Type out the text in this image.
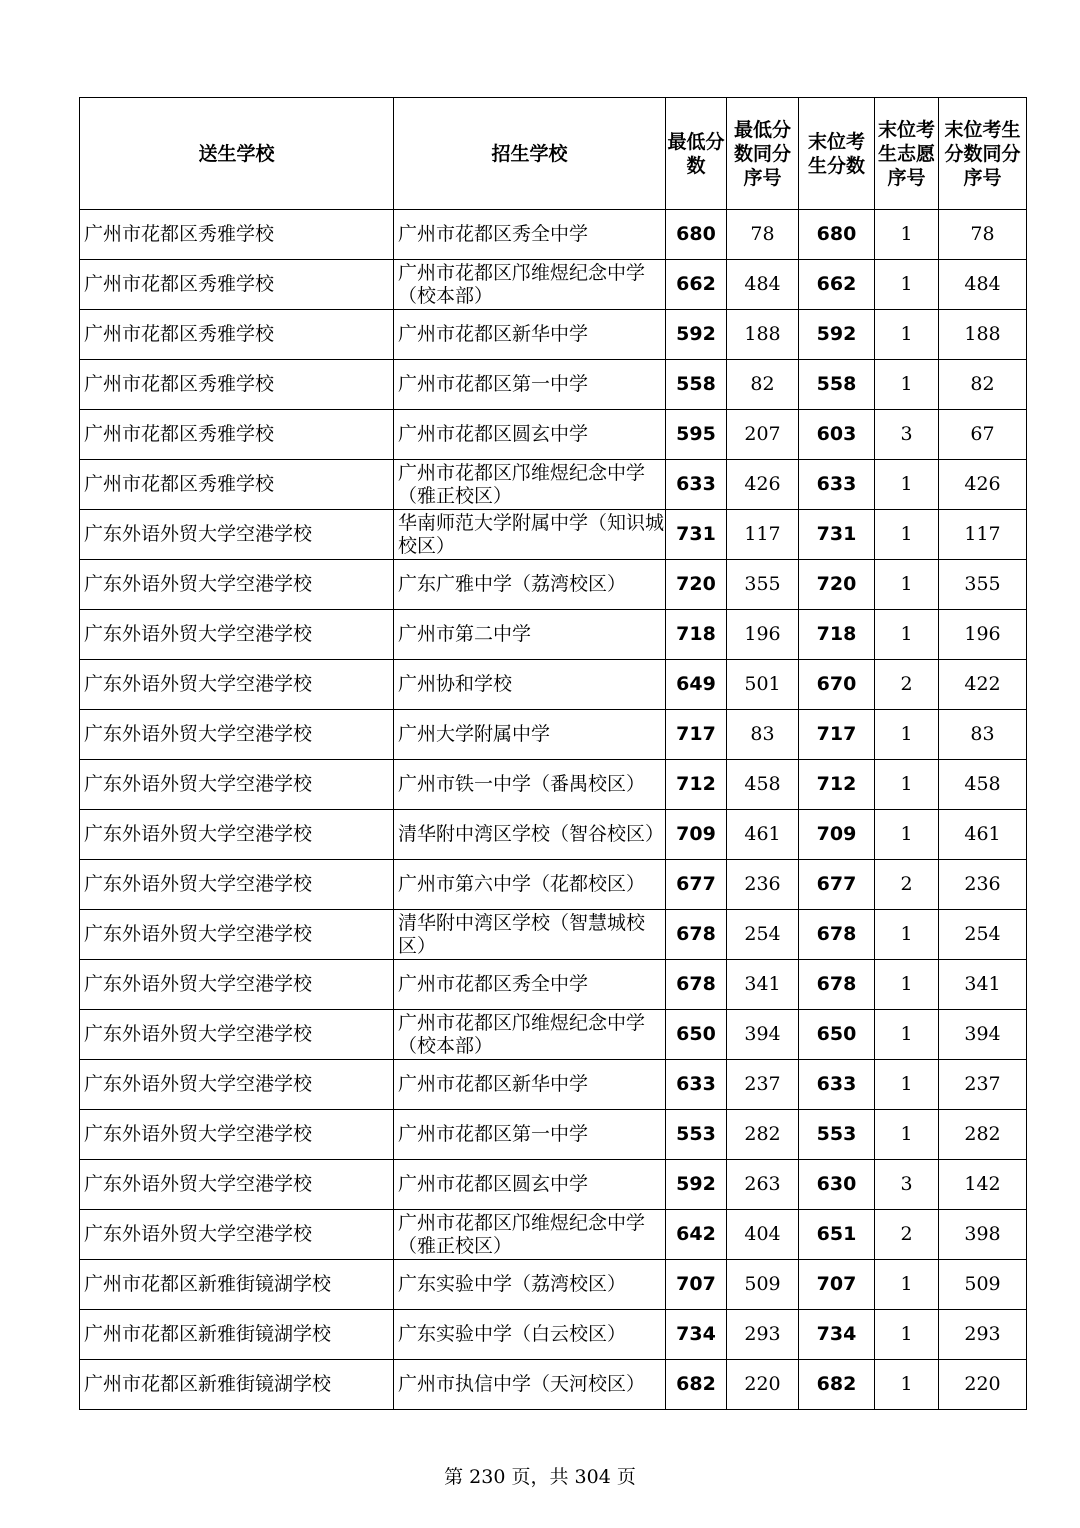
送生学校	招生学校	最低分数	最低分数同分序号	末位考生分数	末位考生志愿序号	末位考生分数同分序号
广州市花都区秀雅学校	广州市花都区秀全中学	680	78	680	1	78
广州市花都区秀雅学校	广州市花都区邝维煜纪念中学（校本部）	662	484	662	1	484
广州市花都区秀雅学校	广州市花都区新华中学	592	188	592	1	188
广州市花都区秀雅学校	广州市花都区第一中学	558	82	558	1	82
广州市花都区秀雅学校	广州市花都区圆玄中学	595	207	603	3	67
广州市花都区秀雅学校	广州市花都区邝维煜纪念中学（雅正校区）	633	426	633	1	426
广东外语外贸大学空港学校	华南师范大学附属中学（知识城校区）	731	117	731	1	117
广东外语外贸大学空港学校	广东广雅中学（荔湾校区）	720	355	720	1	355
广东外语外贸大学空港学校	广州市第二中学	718	196	718	1	196
广东外语外贸大学空港学校	广州协和学校	649	501	670	2	422
广东外语外贸大学空港学校	广州大学附属中学	717	83	717	1	83
广东外语外贸大学空港学校	广州市铁一中学（番禺校区）	712	458	712	1	458
广东外语外贸大学空港学校	清华附中湾区学校（智谷校区）	709	461	709	1	461
广东外语外贸大学空港学校	广州市第六中学（花都校区）	677	236	677	2	236
广东外语外贸大学空港学校	清华附中湾区学校（智慧城校区）	678	254	678	1	254
广东外语外贸大学空港学校	广州市花都区秀全中学	678	341	678	1	341
广东外语外贸大学空港学校	广州市花都区邝维煜纪念中学（校本部）	650	394	650	1	394
广东外语外贸大学空港学校	广州市花都区新华中学	633	237	633	1	237
广东外语外贸大学空港学校	广州市花都区第一中学	553	282	553	1	282
广东外语外贸大学空港学校	广州市花都区圆玄中学	592	263	630	3	142
广东外语外贸大学空港学校	广州市花都区邝维煜纪念中学（雅正校区）	642	404	651	2	398
广州市花都区新雅街镜湖学校	广东实验中学（荔湾校区）	707	509	707	1	509
广州市花都区新雅街镜湖学校	广东实验中学（白云校区）	734	293	734	1	293
广州市花都区新雅街镜湖学校	广州市执信中学（天河校区）	682	220	682	1	220
第 230 页，共 304 页
